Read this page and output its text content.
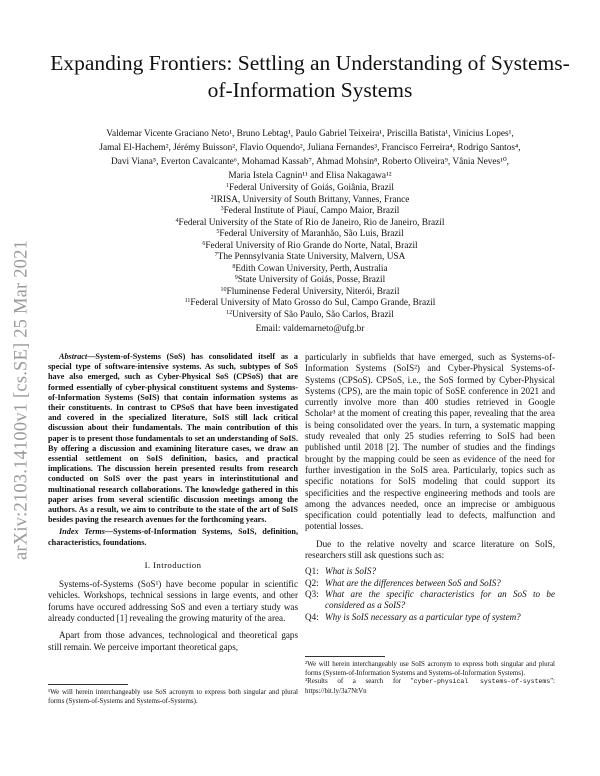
arXiv:2103.14100v1 [cs.SE] 25 Mar 2021
Expanding Frontiers: Settling an Understanding of Systems-of-Information Systems
Valdemar Vicente Graciano Neto¹, Bruno Lebtag¹, Paulo Gabriel Teixeira¹, Priscilla Batista¹, Vinícius Lopes¹,
Jamal El-Hachem², Jérémy Buisson², Flavio Oquendo², Juliana Fernandes³, Francisco Ferreira⁴, Rodrigo Santos⁴,
Davi Viana⁵, Everton Cavalcante⁶, Mohamad Kassab⁷, Ahmad Mohsin⁸, Roberto Oliveira⁹, Vânia Neves¹⁰,
Maria Istela Cagnin¹¹ and Elisa Nakagawa¹²
$^1$Federal University of Goiás, Goiânia, Brazil
$^2$IRISA, University of South Brittany, Vannes, France
$^3$Federal Institute of Piauí, Campo Maior, Brazil
$^4$Federal University of the State of Rio de Janeiro, Rio de Janeiro, Brazil
$^5$Federal University of Maranhão, São Luis, Brazil
$^6$Federal University of Rio Grande do Norte, Natal, Brazil
$^7$The Pennsylvania State University, Malvern, USA
$^8$Edith Cowan University, Perth, Australia
$^9$State University of Goiás, Posse, Brazil
$^{10}$Fluminense Federal University, Niterói, Brazil
$^{11}$Federal University of Mato Grosso do Sul, Campo Grande, Brazil
$^{12}$University of São Paulo, São Carlos, Brazil
Email: valdemarneto@ufg.br
Abstract—System-of-Systems (SoS) has consolidated itself as a special type of software-intensive systems. As such, subtypes of SoS have also emerged, such as Cyber-Physical SoS (CPSoS) that are formed essentially of cyber-physical constituent systems and Systems-of-Information Systems (SoIS) that contain information systems as their constituents. In contrast to CPSoS that have been investigated and covered in the specialized literature, SoIS still lack critical discussion about their fundamentals. The main contribution of this paper is to present those fundamentals to set an understanding of SoIS. By offering a discussion and examining literature cases, we draw an essential settlement on SoIS definition, basics, and practical implications. The discussion herein presented results from research conducted on SoIS over the past years in interinstitutional and multinational research collaborations. The knowledge gathered in this paper arises from several scientific discussion meetings among the authors. As a result, we aim to contribute to the state of the art of SoIS besides paving the research avenues for the forthcoming years.
Index Terms—Systems-of-Information Systems, SoIS, definition, characteristics, foundations.
I. Introduction

Systems-of-Systems (SoS¹) have become popular in scientific vehicles. Workshops, technical sessions in large events, and other forums have occured addressing SoS and even a tertiary study was already conducted [1] revealing the growing maturity of the area.

Apart from those advances, technological and theoretical gaps still remain. We perceive important theoretical gaps,

particularly in subfields that have emerged, such as Systems-of-Information Systems (SoIS²) and Cyber-Physical Systems-of-Systems (CPSoS). CPSoS, i.e., the SoS formed by Cyber-Physical Systems (CPS), are the main topic of SoSE conference in 2021 and currently involve more than 400 studies retrieved in Google Scholar³ at the moment of creating this paper, revealing that the area is being consolidated over the years. In turn, a systematic mapping study revealed that only 25 studies referring to SoIS had been published until 2018 [2]. The number of studies and the findings brought by the mapping could be seen as evidence of the need for further investigation in the SoIS area. Particularly, topics such as specific notations for SoIS modeling that could support its specificities and the respective engineering methods and tools are among the advances needed, once an imprecise or ambiguous specification could potentially lead to defects, malfunction and potential losses.

Due to the relative novelty and scarce literature on SoIS, researchers still ask questions such as:

Q1: What is SoIS?
Q2: What are the differences between SoS and SoIS?
Q3: What are the specific characteristics for an SoS to be considered as a SoIS?
Q4: Why is SoIS necessary as a particular type of system?
¹We will herein interchangeably use SoS acronym to express both singular and plural forms (System-of-Systems and Systems-of-Systems).
²We will herein interchangeably use SoIS acronym to express both singular and plural forms (System-of-Information Systems and Systems-of-Information Systems).
³Results of a search for "cyber-physical systems-of-systems": https://bit.ly/3a7NtVn
